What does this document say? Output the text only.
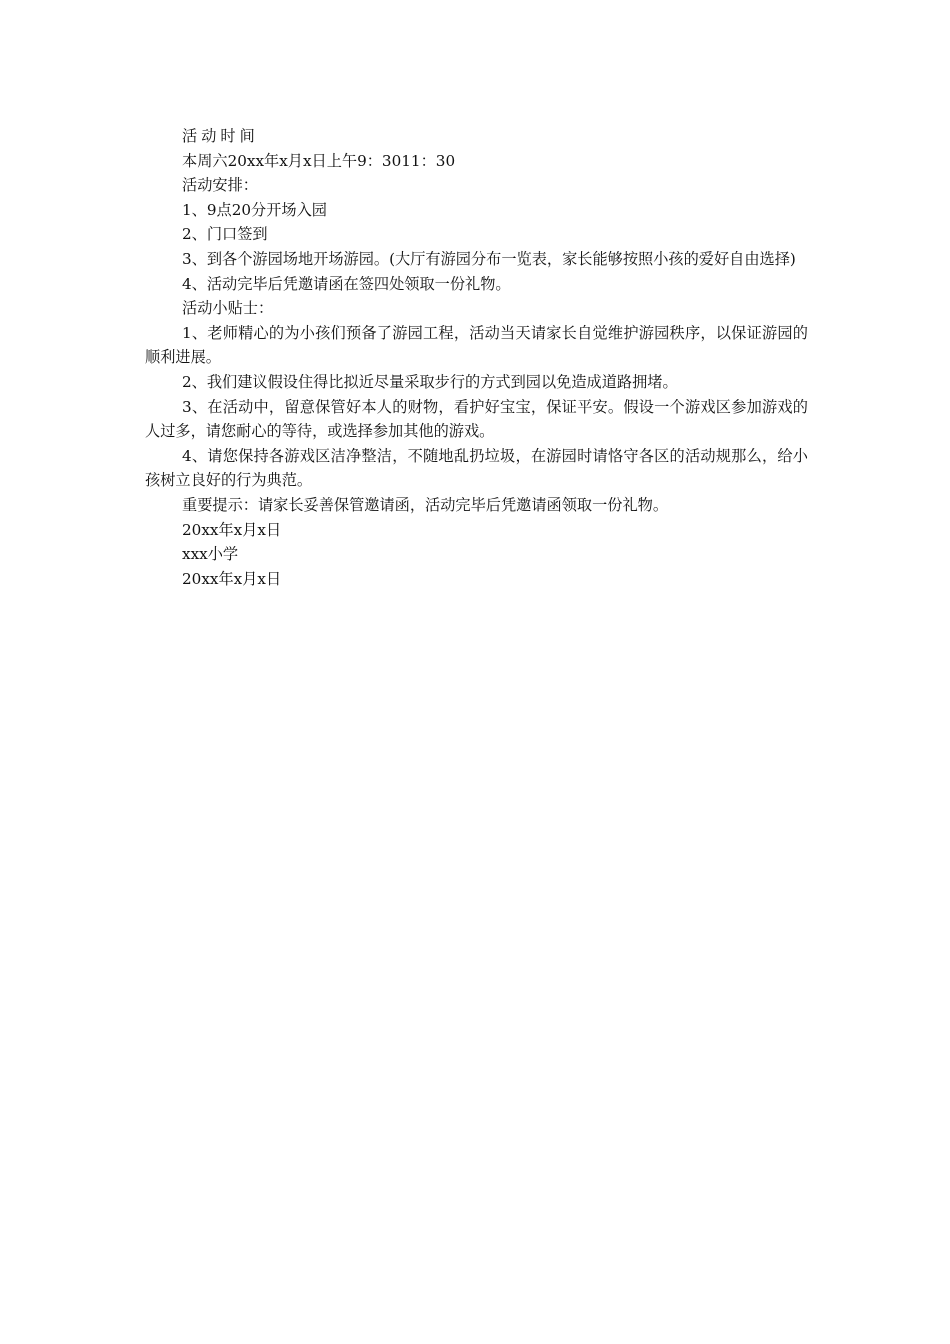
活动时间

本周六20xx年x月x日上午9：3011：30

活动安排：

1、9点20分开场入园

2、门口签到

3、到各个游园场地开场游园。(大厅有游园分布一览表，家长能够按照小孩的爱好自由选择)

4、活动完毕后凭邀请函在签四处领取一份礼物。

活动小贴士：

1、老师精心的为小孩们预备了游园工程，活动当天请家长自觉维护游园秩序，以保证游园的顺利进展。

2、我们建议假设住得比拟近尽量采取步行的方式到园以免造成道路拥堵。

3、在活动中，留意保管好本人的财物，看护好宝宝，保证平安。假设一个游戏区参加游戏的人过多，请您耐心的等待，或选择参加其他的游戏。

4、请您保持各游戏区洁净整洁，不随地乱扔垃圾，在游园时请恪守各区的活动规那么，给小孩树立良好的行为典范。

重要提示：请家长妥善保管邀请函，活动完毕后凭邀请函领取一份礼物。

20xx年x月x日

xxx小学

20xx年x月x日
